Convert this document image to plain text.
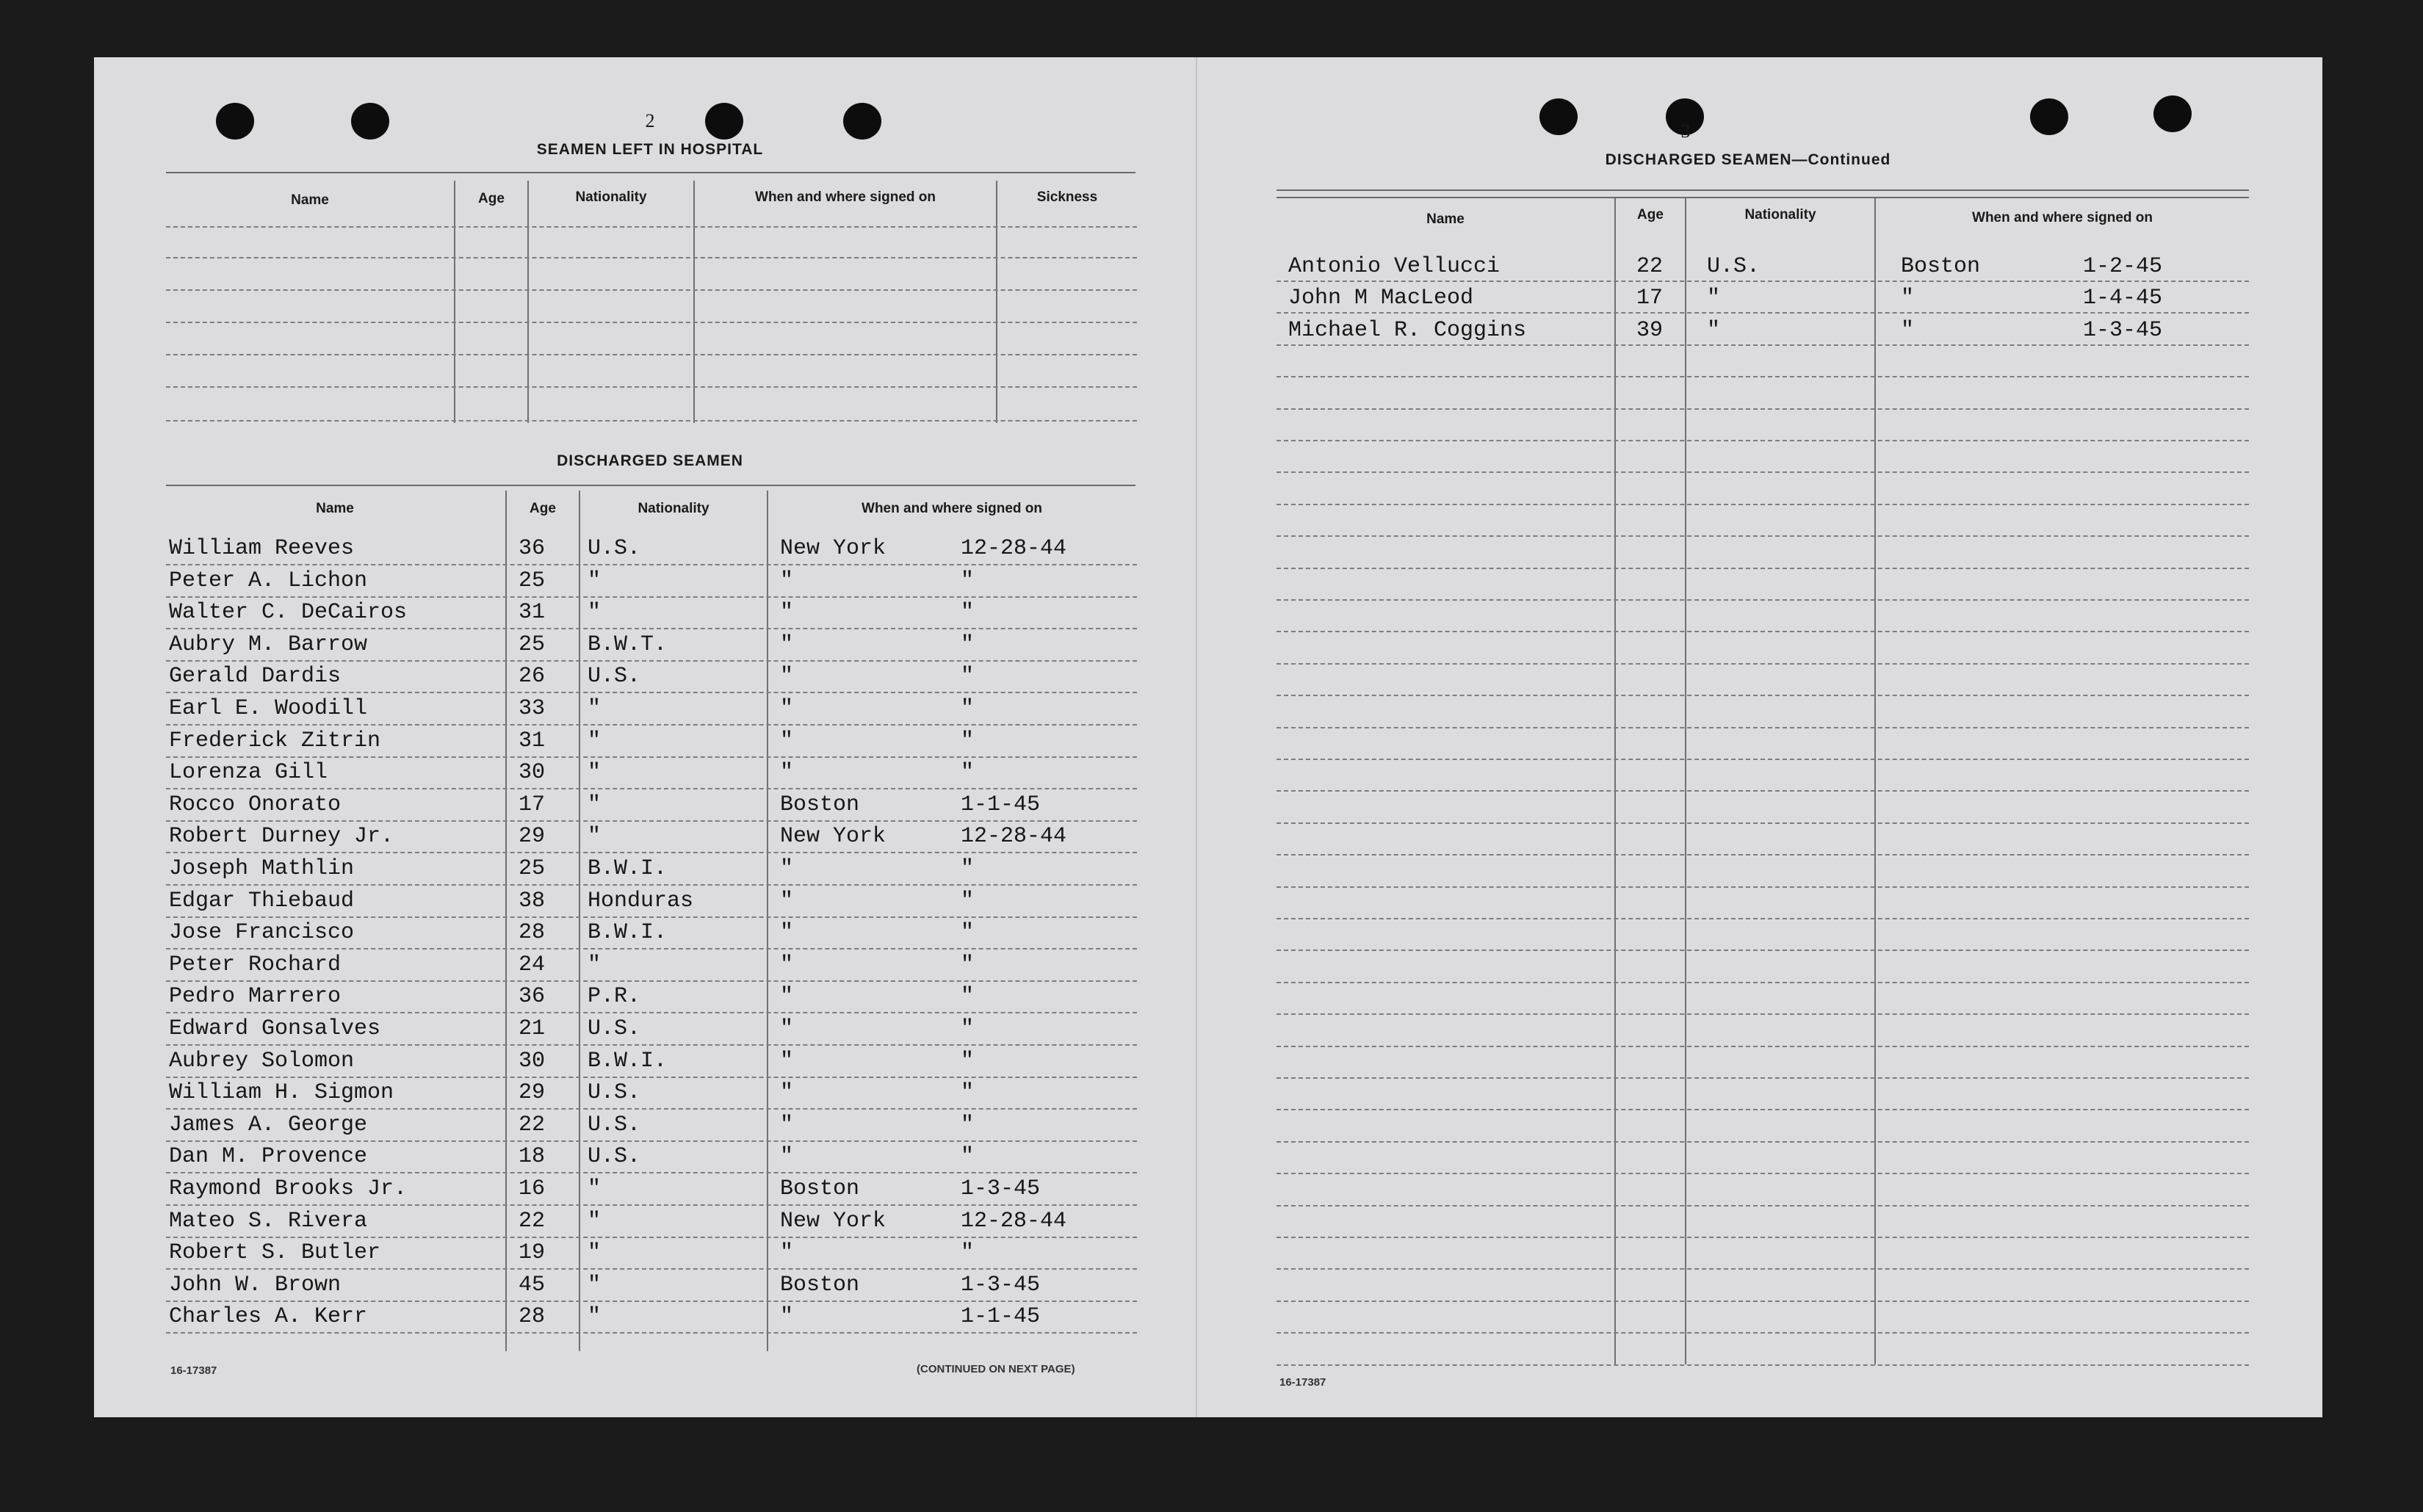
2
SEAMEN LEFT IN HOSPITAL
Name	Age	Nationality	When and where signed on	Sickness
DISCHARGED SEAMEN
Name	Age	Nationality	When and where signed on
William Reeves	36 U.S.	New York	12-28-44
Peter A. Lichon	25 "	"	"
Walter C. DeCairos	31 "	"	"
Aubry M. Barrow	25 B.W.T.	"	"
Gerald Dardis	26 U.S.	"	"
Earl E. Woodill	33 "	"	"
Frederick Zitrin	31 "	"	"
Lorenza Gill	30 "	"	"
Rocco Onorato	17 "	Boston	1-1-45
Robert Durney Jr.	29 "	New York	12-28-44
Joseph Mathlin	25 B.W.I.	"	"
Edgar Thiebaud	38 Honduras	"	"
Jose Francisco	28 B.W.I.	"	"
Peter Rochard	24 "	"	"
Pedro Marrero	36 P.R.	"	"
Edward Gonsalves	21 U.S.	"	"
Aubrey Solomon	30 B.W.I.	"	"
William H. Sigmon	29 U.S.	"	"
James A. George	22 U.S.	"	"
Dan M. Provence	18 U.S.	"	"
Raymond Brooks Jr.	16 "	Boston	1-3-45
Mateo S. Rivera	22 "	New York	12-28-44
Robert S. Butler	19 "	"	"
John W. Brown	45 "	Boston	1-3-45
Charles A. Kerr	28 "	"	1-1-45
16-17387	(CONTINUED ON NEXT PAGE)
3
DISCHARGED SEAMEN—Continued
Name	Age	Nationality	When and where signed on
Antonio Vellucci	22 U.S.	Boston	1-2-45
John M MacLeod	17 "	"	1-4-45
Michael R. Coggins	39 "	"	1-3-45
16-17387
